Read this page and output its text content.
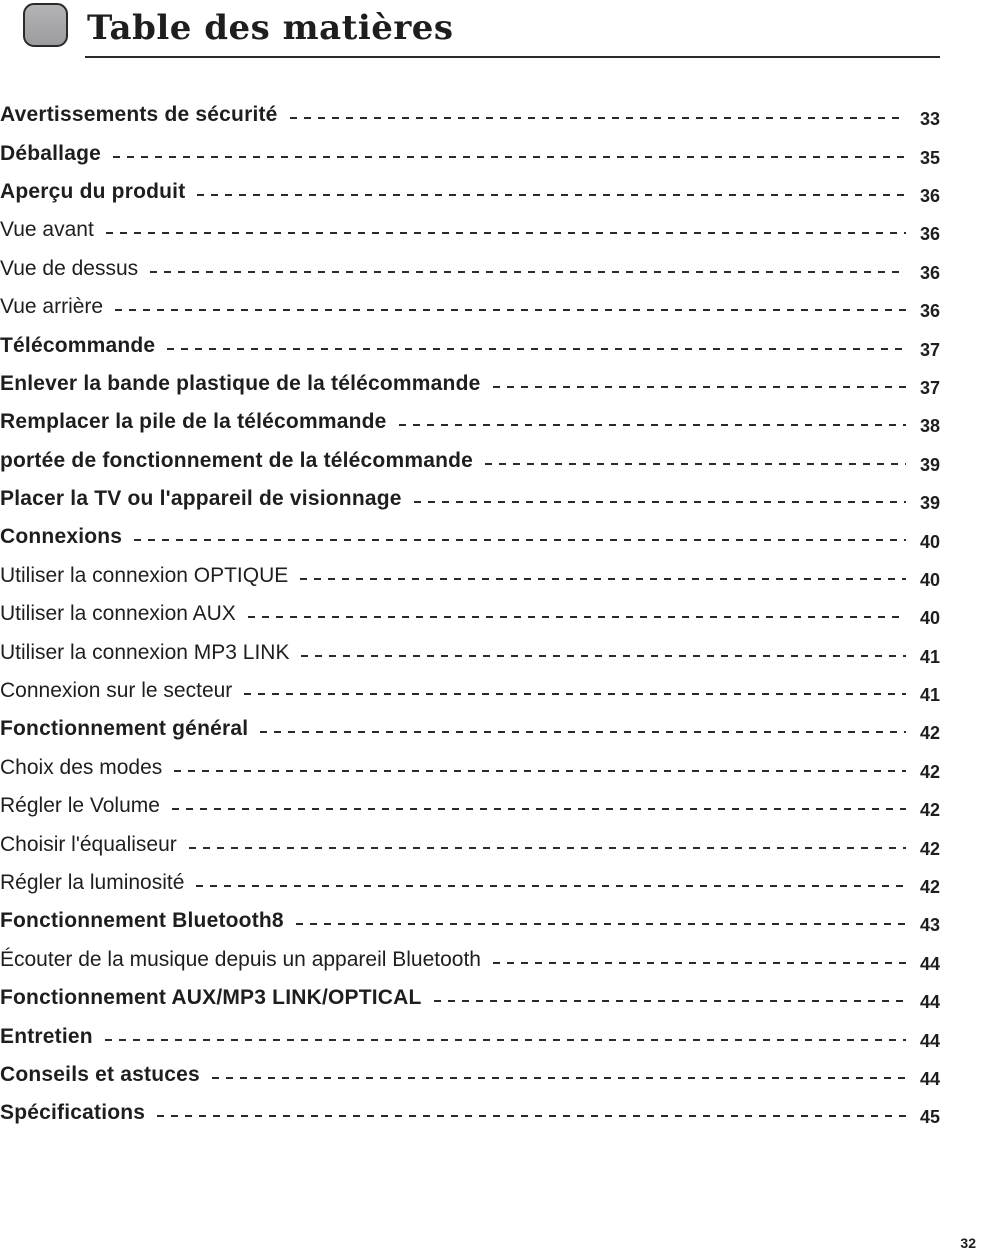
Table des matières
Avertissements de sécurité	33
Déballage	35
Aperçu du produit	36
Vue avant	36
Vue de dessus	36
Vue arrière	36
Télécommande	37
Enlever la bande plastique de la télécommande	37
Remplacer la pile de la télécommande	38
portée de fonctionnement de la télécommande	39
Placer la TV ou l'appareil de visionnage	39
Connexions	40
Utiliser la connexion OPTIQUE	40
Utiliser la connexion AUX	40
Utiliser la connexion MP3 LINK	41
Connexion sur le secteur	41
Fonctionnement général	42
Choix des modes	42
Régler le Volume	42
Choisir l'équaliseur	42
Régler la luminosité	42
Fonctionnement Bluetooth8	43
Écouter de la musique depuis un appareil Bluetooth	44
Fonctionnement AUX/MP3 LINK/OPTICAL	44
Entretien	44
Conseils et astuces	44
Spécifications	45
32
